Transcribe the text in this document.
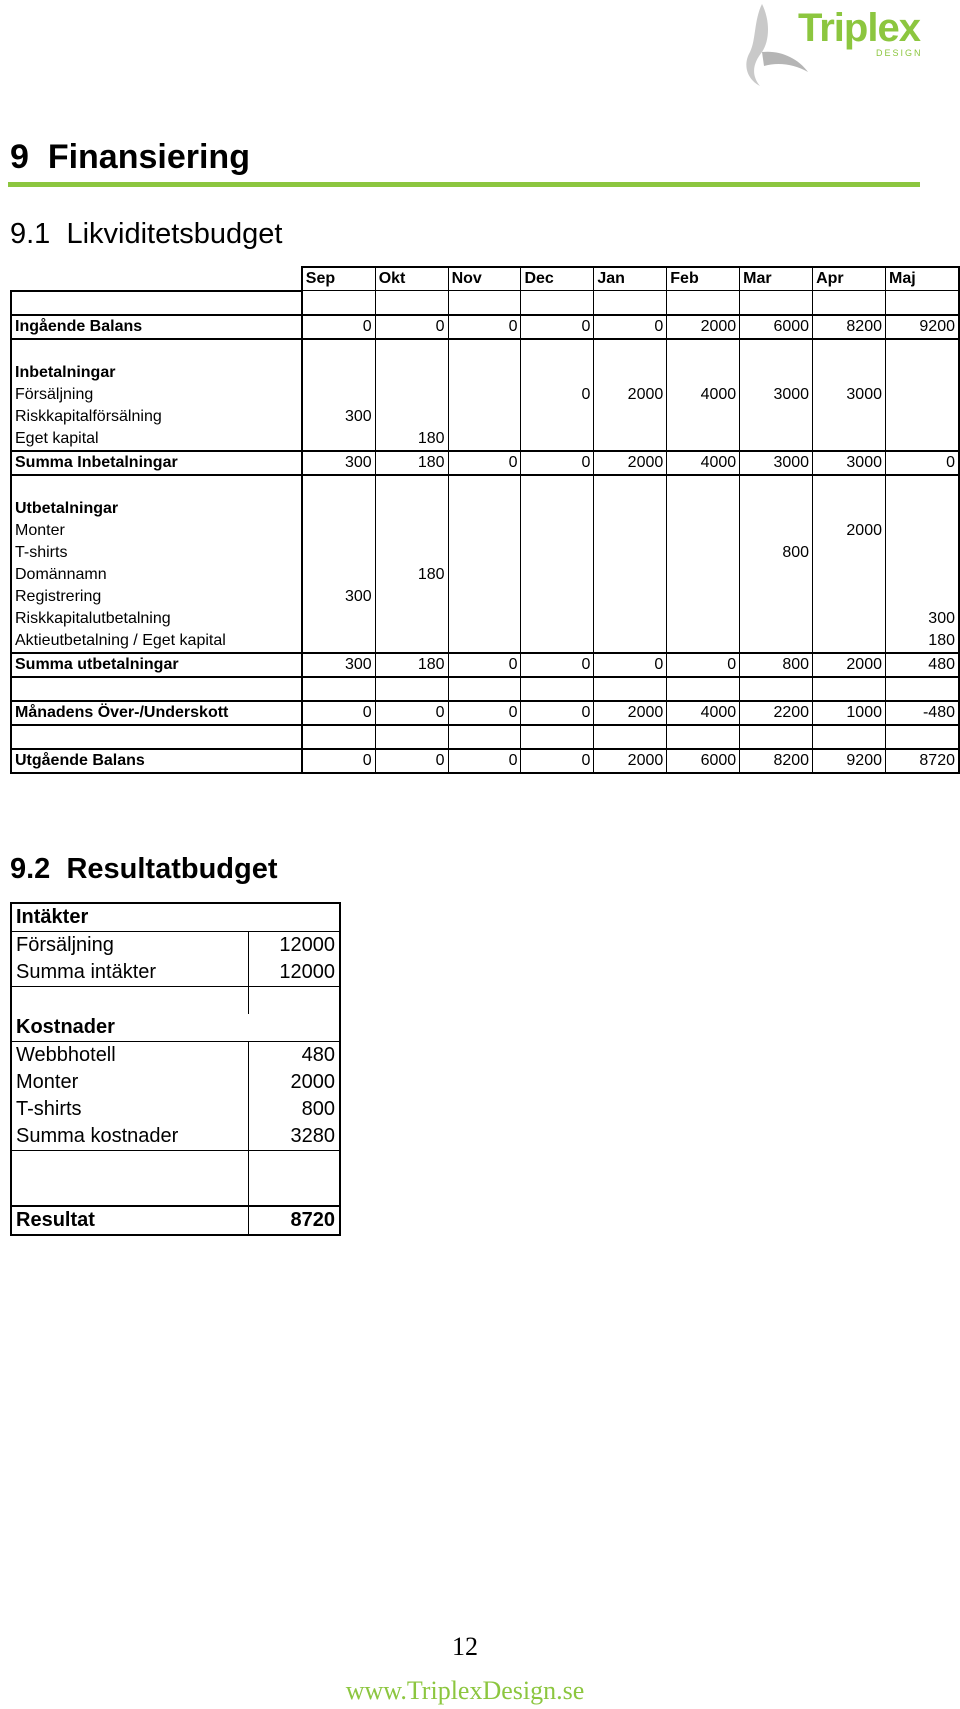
Triplex
DESIGN
9 Finansiering
9.1 Likviditetsbudget
	Sep	Okt	Nov	Dec	Jan	Feb	Mar	Apr	Maj

Ingående Balans	0	0	0	0	0	2000	6000	8200	9200

Inbetalningar									
Försäljning				0	2000	4000	3000	3000	
Riskkapitalförsälning	300								
Eget kapital		180							
Summa Inbetalningar	300	180	0	0	2000	4000	3000	3000	0

Utbetalningar									
Monter								2000	
T-shirts							800		
Domännamn		180							
Registrering	300								
Riskkapitalutbetalning									300
Aktieutbetalning / Eget kapital									180
Summa utbetalningar	300	180	0	0	0	0	800	2000	480

Månadens Över-/Underskott	0	0	0	0	2000	4000	2200	1000	-480

Utgående Balans	0	0	0	0	2000	6000	8200	9200	8720
9.2 Resultatbudget
Intäkter	
Försäljning	12000
Summa intäkter	12000

Kostnader	
Webbhotell	480
Monter	2000
T-shirts	800
Summa kostnader	3280

Resultat	8720
12
www.TriplexDesign.se
